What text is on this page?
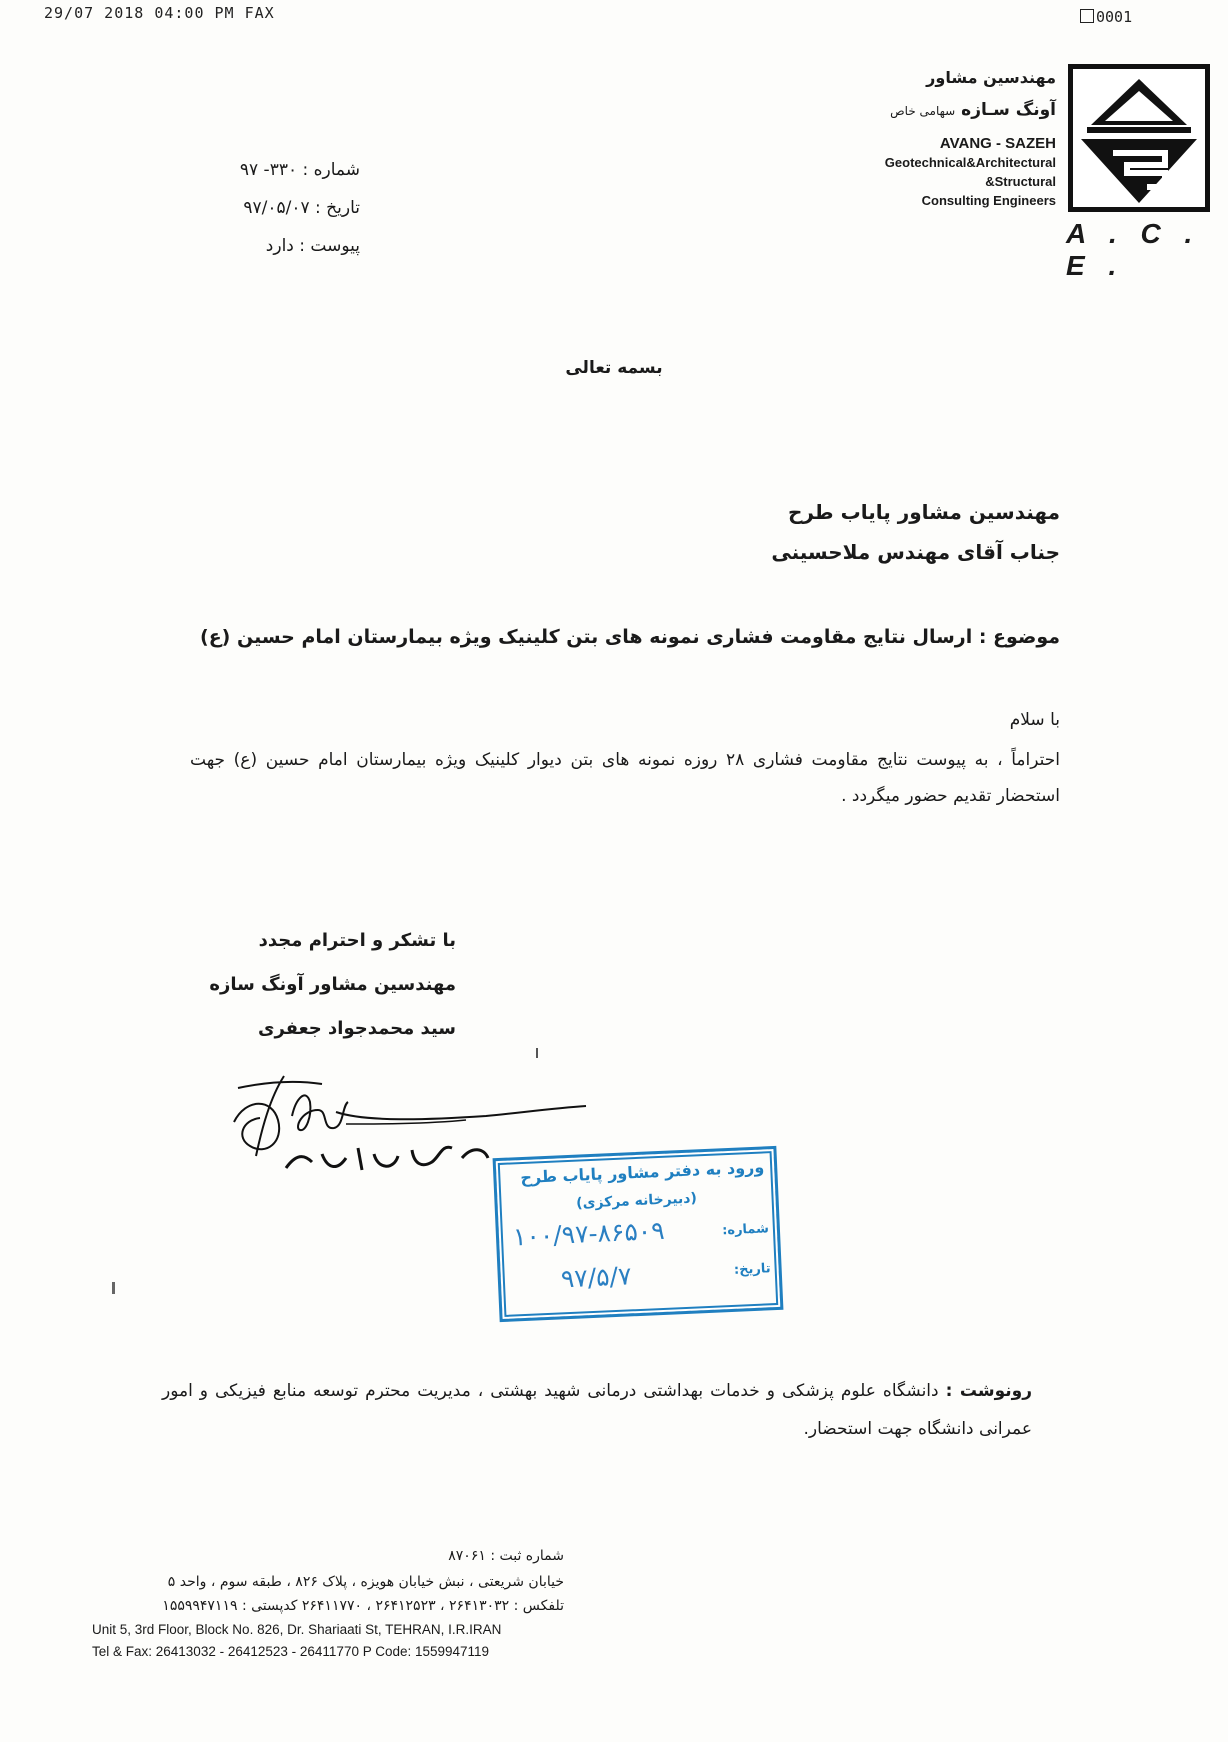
29/07 2018 04:00 PM FAX	0001
مهندسین مشاور
آونگ سـازه سهامی خاص
AVANG - SAZEH
Geotechnical&Architectural
&Structural
Consulting Engineers
A . C . E .
شماره : ۳۳۰- ۹۷
تاریخ : ۹۷/۰۵/۰۷
پیوست : دارد
بسمه تعالی
مهندسین مشاور پایاب طرح
جناب آقای مهندس ملاحسینی
موضوع : ارسال نتایج مقاومت فشاری نمونه های بتن کلینیک ویژه بیمارستان امام حسین (ع)
با سلام
احتراماً ، به پیوست نتایج مقاومت فشاری ۲۸ روزه نمونه های بتن دیوار کلینیک ویژه بیمارستان امام حسین (ع) جهت استحضار تقدیم حضور میگردد .
با تشکر و احترام مجدد
مهندسین مشاور آونگ سازه
سید محمدجواد جعفری
ورود به دفتر مشاور پایاب طرح
(دبیرخانه مرکزی)
شماره:
۱۰۰/۹۷-۸۶۵۰۹
تاریخ:
۹۷/۵/۷
رونوشت : دانشگاه علوم پزشکی و خدمات بهداشتی درمانی شهید بهشتی ، مدیریت محترم توسعه منابع فیزیکی و امور عمرانی دانشگاه جهت استحضار.
شماره ثبت : ۸۷۰۶۱
خیابان شریعتی ، نبش خیابان هویزه ، پلاک ۸۲۶ ، طبقه سوم ، واحد ۵
تلفکس : ۲۶۴۱۳۰۳۲ ، ۲۶۴۱۲۵۲۳ ، ۲۶۴۱۱۷۷۰ کدپستی : ۱۵۵۹۹۴۷۱۱۹
Unit 5, 3rd Floor, Block No. 826, Dr. Shariaati St, TEHRAN, I.R.IRAN
Tel & Fax: 26413032 - 26412523 - 26411770 P Code: 1559947119
